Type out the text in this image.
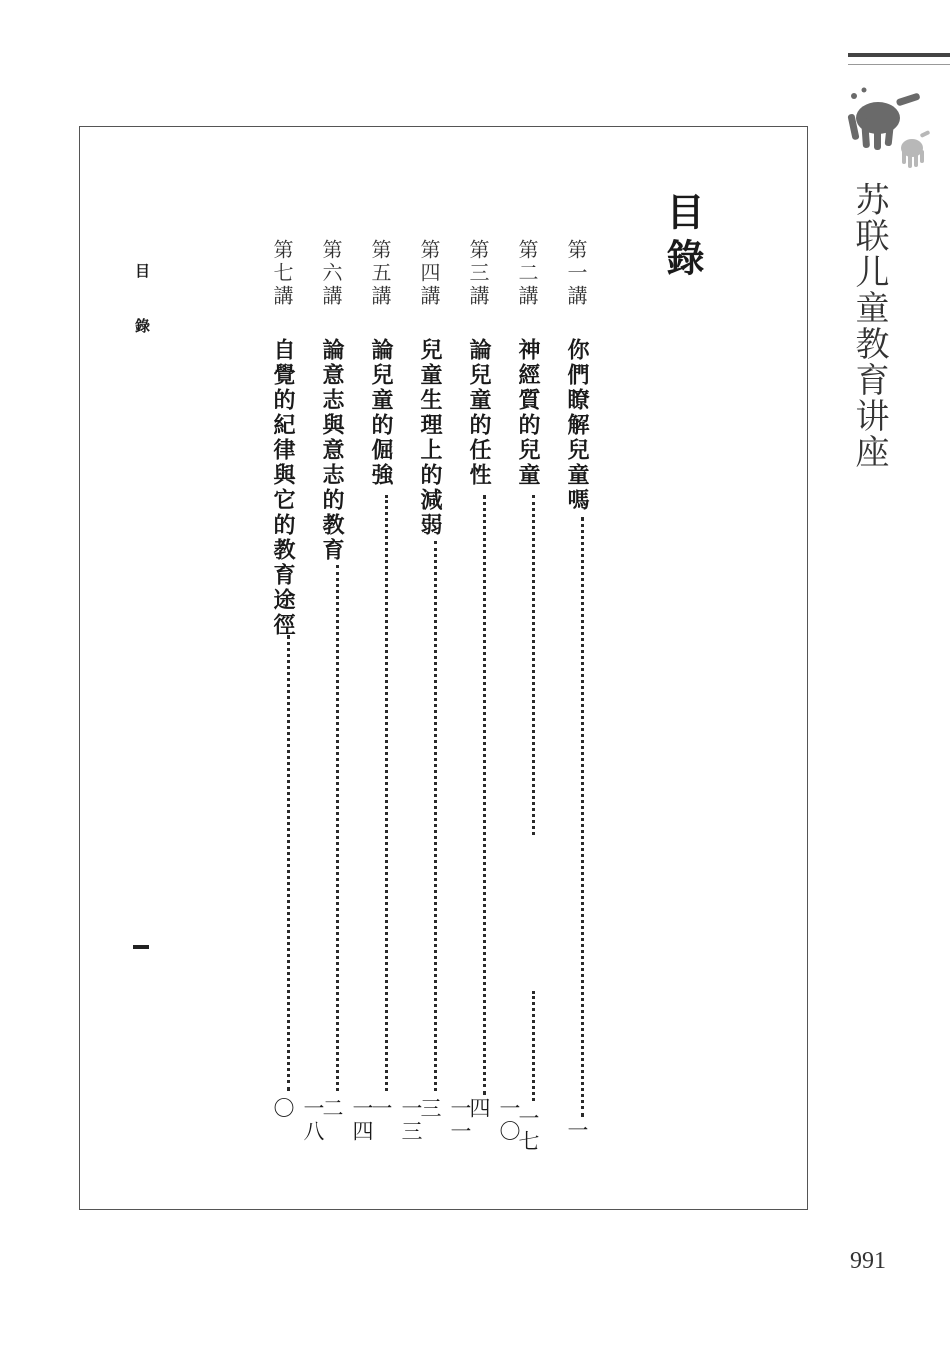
苏联儿童教育讲座
991
目錄
目錄	第一講
你們瞭解兒童嗎
一
第二講
神經質的兒童
一七
第三講
論兒童的任性
一〇四
第四講
兒童生理上的減弱
一一三
第五講
論兒童的倔強
一三一
第六講
論意志與意志的教育
一四二
第七講
自覺的紀律與它的教育途徑
一八〇
